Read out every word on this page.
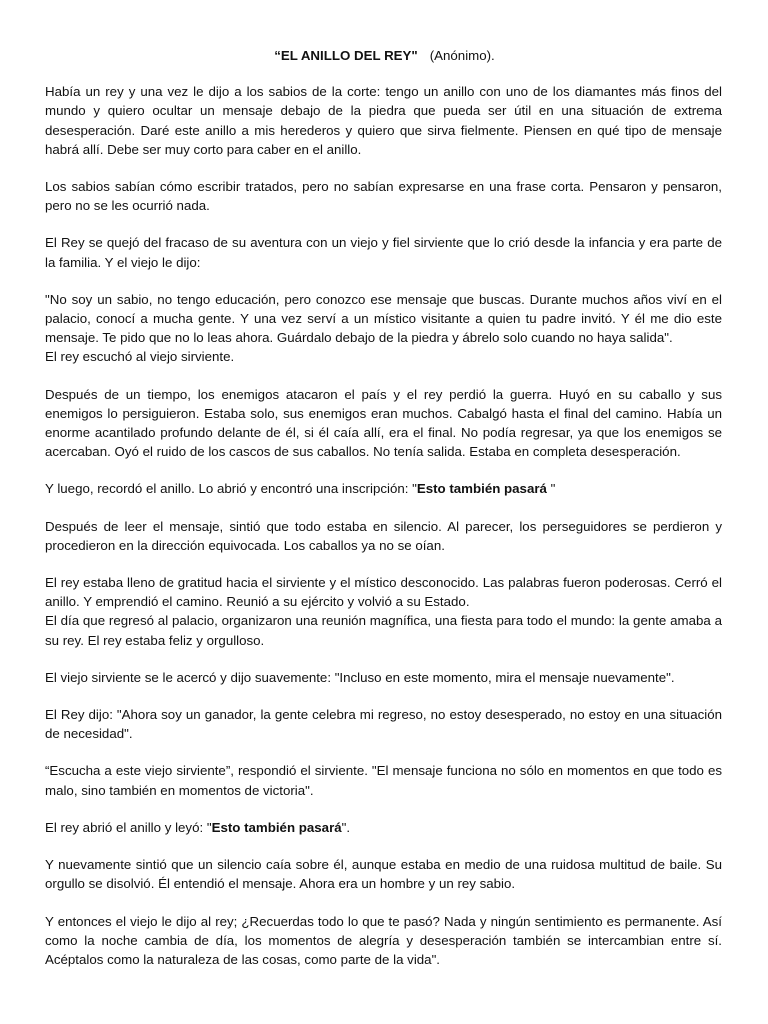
“EL ANILLO DEL REY" (Anónimo).

Había un rey y una vez le dijo a los sabios de la corte: tengo un anillo con uno de los diamantes más finos del mundo y quiero ocultar un mensaje debajo de la piedra que pueda ser útil en una situación de extrema desesperación. Daré este anillo a mis herederos y quiero que sirva fielmente. Piensen en qué tipo de mensaje habrá allí. Debe ser muy corto para caber en el anillo.

Los sabios sabían cómo escribir tratados, pero no sabían expresarse en una frase corta. Pensaron y pensaron, pero no se les ocurrió nada.

El Rey se quejó del fracaso de su aventura con un viejo y fiel sirviente que lo crió desde la infancia y era parte de la familia. Y el viejo le dijo:

"No soy un sabio, no tengo educación, pero conozco ese mensaje que buscas. Durante muchos años viví en el palacio, conocí a mucha gente. Y una vez serví a un místico visitante a quien tu padre invitó. Y él me dio este mensaje. Te pido que no lo leas ahora. Guárdalo debajo de la piedra y ábrelo solo cuando no haya salida".

El rey escuchó al viejo sirviente.

Después de un tiempo, los enemigos atacaron el país y el rey perdió la guerra. Huyó en su caballo y sus enemigos lo persiguieron. Estaba solo, sus enemigos eran muchos. Cabalgó hasta el final del camino. Había un enorme acantilado profundo delante de él, si él caía allí, era el final. No podía regresar, ya que los enemigos se acercaban. Oyó el ruido de los cascos de sus caballos. No tenía salida. Estaba en completa desesperación.

Y luego, recordó el anillo. Lo abrió y encontró una inscripción: "Esto también pasará "

Después de leer el mensaje, sintió que todo estaba en silencio. Al parecer, los perseguidores se perdieron y procedieron en la dirección equivocada. Los caballos ya no se oían.

El rey estaba lleno de gratitud hacia el sirviente y el místico desconocido. Las palabras fueron poderosas. Cerró el anillo. Y emprendió el camino. Reunió a su ejército y volvió a su Estado.

El día que regresó al palacio, organizaron una reunión magnífica, una fiesta para todo el mundo: la gente amaba a su rey. El rey estaba feliz y orgulloso.

El viejo sirviente se le acercó y dijo suavemente: "Incluso en este momento, mira el mensaje nuevamente".

El Rey dijo: "Ahora soy un ganador, la gente celebra mi regreso, no estoy desesperado, no estoy en una situación de necesidad".

“Escucha a este viejo sirviente”, respondió el sirviente. "El mensaje funciona no sólo en momentos en que todo es malo, sino también en momentos de victoria".

El rey abrió el anillo y leyó: "Esto también pasará".

Y nuevamente sintió que un silencio caía sobre él, aunque estaba en medio de una ruidosa multitud de baile. Su orgullo se disolvió. Él entendió el mensaje. Ahora era un hombre y un rey sabio.

Y entonces el viejo le dijo al rey; ¿Recuerdas todo lo que te pasó? Nada y ningún sentimiento es permanente. Así como la noche cambia de día, los momentos de alegría y desesperación también se intercambian entre sí. Acéptalos como la naturaleza de las cosas, como parte de la vida".
